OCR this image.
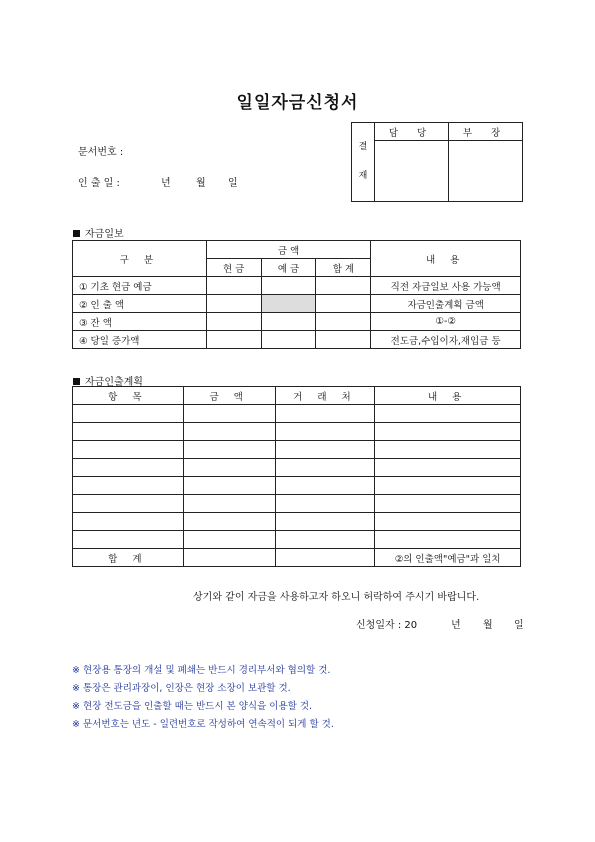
일일자금신청서
문서번호 :
인 출 일 :	년	월 일
결
재	담 당	부 장

자금일보
구 분	금 액			내 용
	현 금	예 금	합 계	
① 기초 현금 예금				직전 자금일보 사용 가능액
② 인 출 액				자금인출계획 금액
③ 잔 액				①-②
④ 당일 증가액				전도금,수입이자,재입금 등
자금인출계획
항 목	금 액	거 래 처	내 용

합 계			②의 인출액"예금"과 일치
상기와 같이 자금을 사용하고자 하오니 허락하여 주시기 바랍니다.
신청일자 : 20	년 월 일
※ 현장용 통장의 개설 및 폐쇄는 반드시 경리부서와 협의할 것.
※ 통장은 관리과장이, 인장은 현장 소장이 보관할 것.
※ 현장 전도금을 인출할 때는 반드시 본 양식을 이용할 것.
※ 문서번호는 년도 - 일련번호로 작성하여 연속적이 되게 할 것.
